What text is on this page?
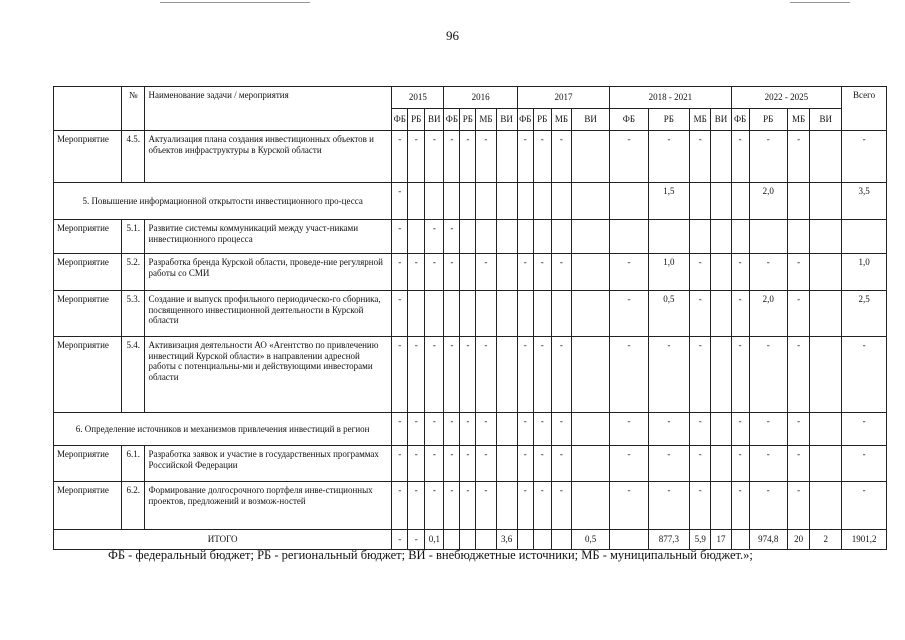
96
	№	Наименование задачи / мероприятия	2015			2016				2017				2018 - 2021				2022 - 2025				Всего
			ФБ	РБ	ВИ	ФБ	РБ	МБ	ВИ	ФБ	РБ	МБ	ВИ	ФБ	РБ	МБ	ВИ	ФБ	РБ	МБ	ВИ	
Мероприятие	4.5.	Актуализация плана создания инвестиционных объектов и объектов инфраструктуры в Курской области	-	-	-	-	-	-		-	-	-		-	-	-		-	-	-		-
5. Повышение информационной открытости инвестиционного про-цесса			-												1,5				2,0			3,5
Мероприятие	5.1.	Развитие системы коммуникаций между участ-никами инвестиционного процесса	-		-	-																
Мероприятие	5.2.	Разработка бренда Курской области, проведе-ние регулярной работы со СМИ	-	-	-	-		-		-	-	-		-	1,0	-		-	-	-		1,0
Мероприятие	5.3.	Создание и выпуск профильного периодическо-го сборника, посвященного инвестиционной деятельности в Курской области	-											-	0,5	-		-	2,0	-		2,5
Мероприятие	5.4.	Активизация деятельности АО «Агентство по привлечению инвестиций Курской области» в направлении адресной работы с потенциальны-ми и действующими инвесторами области	-	-	-	-	-	-		-	-	-		-	-	-		-	-	-		-
6. Определение источников и механизмов привлечения инвестиций в регион			-	-	-	-	-	-		-	-	-		-	-	-		-	-	-		-
Мероприятие	6.1.	Разработка заявок и участие в государственных программах Российской Федерации	-	-	-	-	-	-		-	-	-		-	-	-		-	-	-		-
Мероприятие	6.2.	Формирование долгосрочного портфеля инве-стиционных проектов, предложений и возмож-ностей	-	-	-	-	-	-		-	-	-		-	-	-		-	-	-		-
ИТОГО			-	-	0,1				3,6				0,5		877,3	5,9	17		974,8	20	2	1901,2
ФБ - федеральный бюджет; РБ - региональный бюджет; ВИ - внебюджетные источники; МБ - муниципальный бюджет.»;
